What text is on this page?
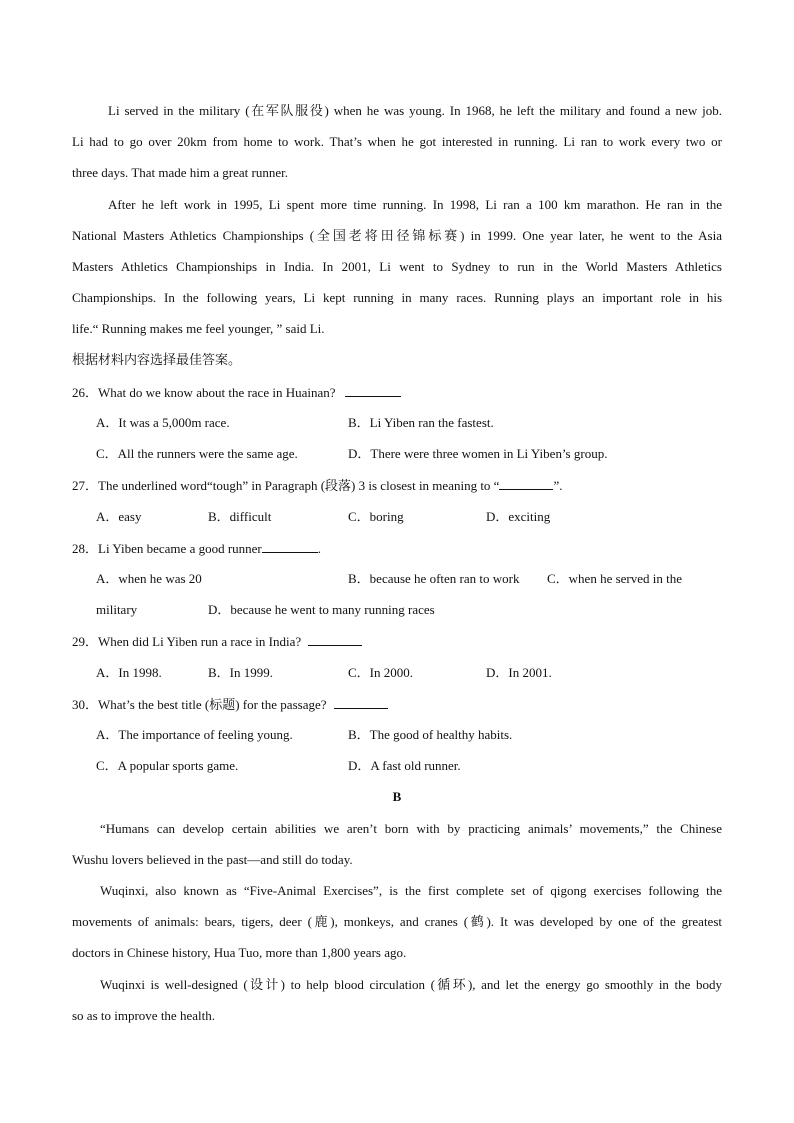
Li served in the military (在军队服役) when he was young. In 1968, he left the military and found a new job.
Li had to go over 20km from home to work. That’s when he got interested in running. Li ran to work every two or
three days. That made him a great runner.
After he left work in 1995, Li spent more time running. In 1998, Li ran a 100 km marathon. He ran in the
National Masters Athletics Championships (全国老将田径锦标赛) in 1999. One year later, he went to the Asia
Masters Athletics Championships in India. In 2001, Li went to Sydney to run in the World Masters Athletics
Championships. In the following years, Li kept running in many races. Running plays an important role in his
life.“ Running makes me feel younger, ” said Li.
根据材料内容选择最佳答案。
26．What do we know about the race in Huainan?
A．It was a 5,000m race.	B．Li Yiben ran the fastest.
C．All the runners were the same age.	D．There were three women in Li Yiben’s group.
27．The underlined word“tough” in Paragraph (段落) 3 is closest in meaning to “	”.
A．easy	B．difficult	C．boring	D．exciting
28．Li Yiben became a good runner	.
A．when he was 20	B．because he often ran to work C．when he served in the
military	D．because he went to many running races
29．When did Li Yiben run a race in India?
A．In 1998.	B．In 1999.	C．In 2000.	D．In 2001.
30．What’s the best title (标题) for the passage?
A．The importance of feeling young.	B．The good of healthy habits.
C．A popular sports game.	D．A fast old runner.
B
“Humans can develop certain abilities we aren’t born with by practicing animals’ movements,” the Chinese
Wushu lovers believed in the past—and still do today.
Wuqinxi, also known as “Five-Animal Exercises”, is the first complete set of qigong exercises following the
movements of animals: bears, tigers, deer (鹿), monkeys, and cranes (鹤). It was developed by one of the greatest
doctors in Chinese history, Hua Tuo, more than 1,800 years ago.
Wuqinxi is well-designed (设计) to help blood circulation (循环), and let the energy go smoothly in the body
so as to improve the health.
